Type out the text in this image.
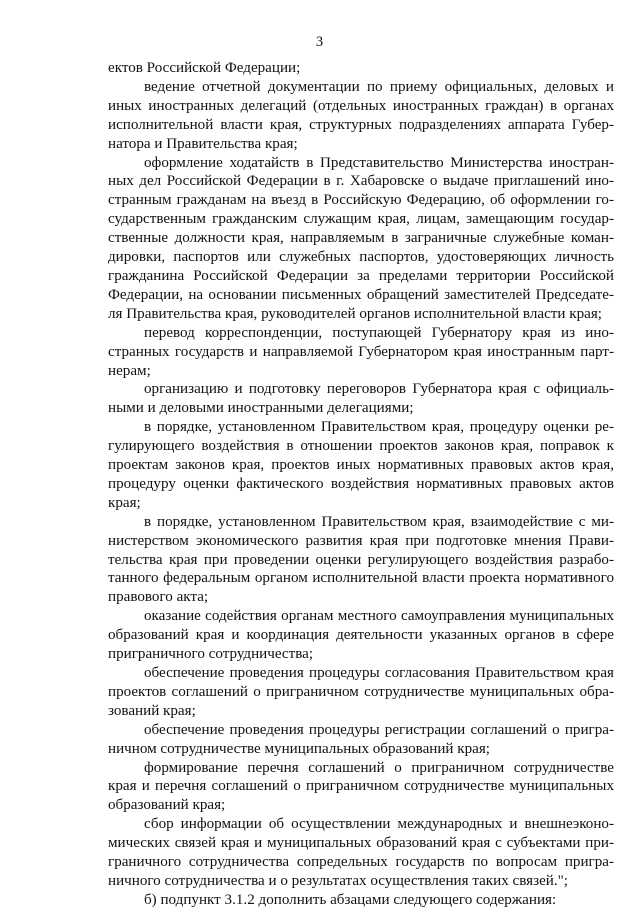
3

ектов Российской Федерации;

ведение отчетной документации по приему официальных, деловых и иных иностранных делегаций (отдельных иностранных граждан) в органах исполнительной власти края, структурных подразделениях аппарата Губернатора и Правительства края;

оформление ходатайств в Представительство Министерства иностранных дел Российской Федерации в г. Хабаровске о выдаче приглашений иностранным гражданам на въезд в Российскую Федерацию, об оформлении государственным гражданским служащим края, лицам, замещающим государственные должности края, направляемым в заграничные служебные командировки, паспортов или служебных паспортов, удостоверяющих личность гражданина Российской Федерации за пределами территории Российской Федерации, на основании письменных обращений заместителей Председателя Правительства края, руководителей органов исполнительной власти края;

перевод корреспонденции, поступающей Губернатору края из иностранных государств и направляемой Губернатором края иностранным партнерам;

организацию и подготовку переговоров Губернатора края с официальными и деловыми иностранными делегациями;

в порядке, установленном Правительством края, процедуру оценки регулирующего воздействия в отношении проектов законов края, поправок к проектам законов края, проектов иных нормативных правовых актов края, процедуру оценки фактического воздействия нормативных правовых актов края;

в порядке, установленном Правительством края, взаимодействие с министерством экономического развития края при подготовке мнения Правительства края при проведении оценки регулирующего воздействия разработанного федеральным органом исполнительной власти проекта нормативного правового акта;

оказание содействия органам местного самоуправления муниципальных образований края и координация деятельности указанных органов в сфере приграничного сотрудничества;

обеспечение проведения процедуры согласования Правительством края проектов соглашений о приграничном сотрудничестве муниципальных образований края;

обеспечение проведения процедуры регистрации соглашений о приграничном сотрудничестве муниципальных образований края;

формирование перечня соглашений о приграничном сотрудничестве края и перечня соглашений о приграничном сотрудничестве муниципальных образований края;

сбор информации об осуществлении международных и внешнеэкономических связей края и муниципальных образований края с субъектами приграничного сотрудничества сопредельных государств по вопросам приграничного сотрудничества и о результатах осуществления таких связей.";

б) подпункт 3.1.2 дополнить абзацами следующего содержания:
